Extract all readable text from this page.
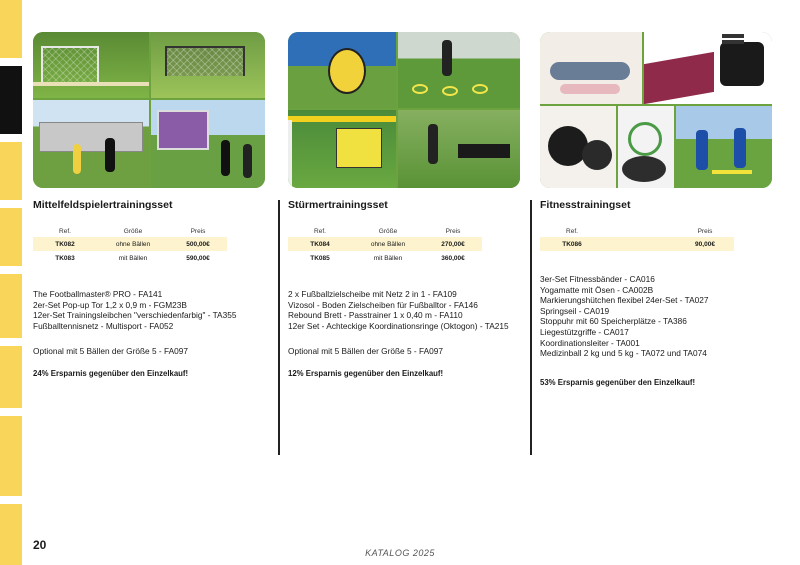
Mittelfeldspielertrainingsset
Ref.	Größe	Preis
TK082	ohne Bällen	500,00€
TK083	mit Bällen	590,00€
The Footballmaster® PRO - FA141
2er-Set Pop-up Tor 1,2 x 0,9 m - FGM23B
12er-Set Trainingsleibchen "verschiedenfarbig" - TA355
Fußballtennisnetz - Multisport - FA052
Optional mit 5 Bällen der Größe 5 - FA097
24% Ersparnis gegenüber den Einzelkauf!
Stürmertrainingsset
Ref.	Größe	Preis
TK084	ohne Bällen	270,00€
TK085	mit Bällen	360,00€
2 x Fußballzielscheibe mit Netz 2 in 1 - FA109
Vizosol - Boden Zielscheiben für Fußballtor - FA146
Rebound Brett - Passtrainer 1 x 0,40 m - FA110
12er Set - Achteckige Koordinationsringe (Oktogon) - TA215
Optional mit 5 Bällen der Größe 5 - FA097
12% Ersparnis gegenüber den Einzelkauf!
Fitnesstrainingset
Ref.		Preis
TK086		90,00€
3er-Set Fitnessbänder - CA016
Yogamatte mit Ösen - CA002B
Markierungshütchen flexibel 24er-Set - TA027
Springseil - CA019
Stoppuhr mit 60 Speicherplätze - TA386
Liegestützgriffe - CA017
Koordinationsleiter - TA001
Medizinball 2 kg und 5 kg - TA072 und TA074
53% Ersparnis gegenüber den Einzelkauf!
20
KATALOG 2025
